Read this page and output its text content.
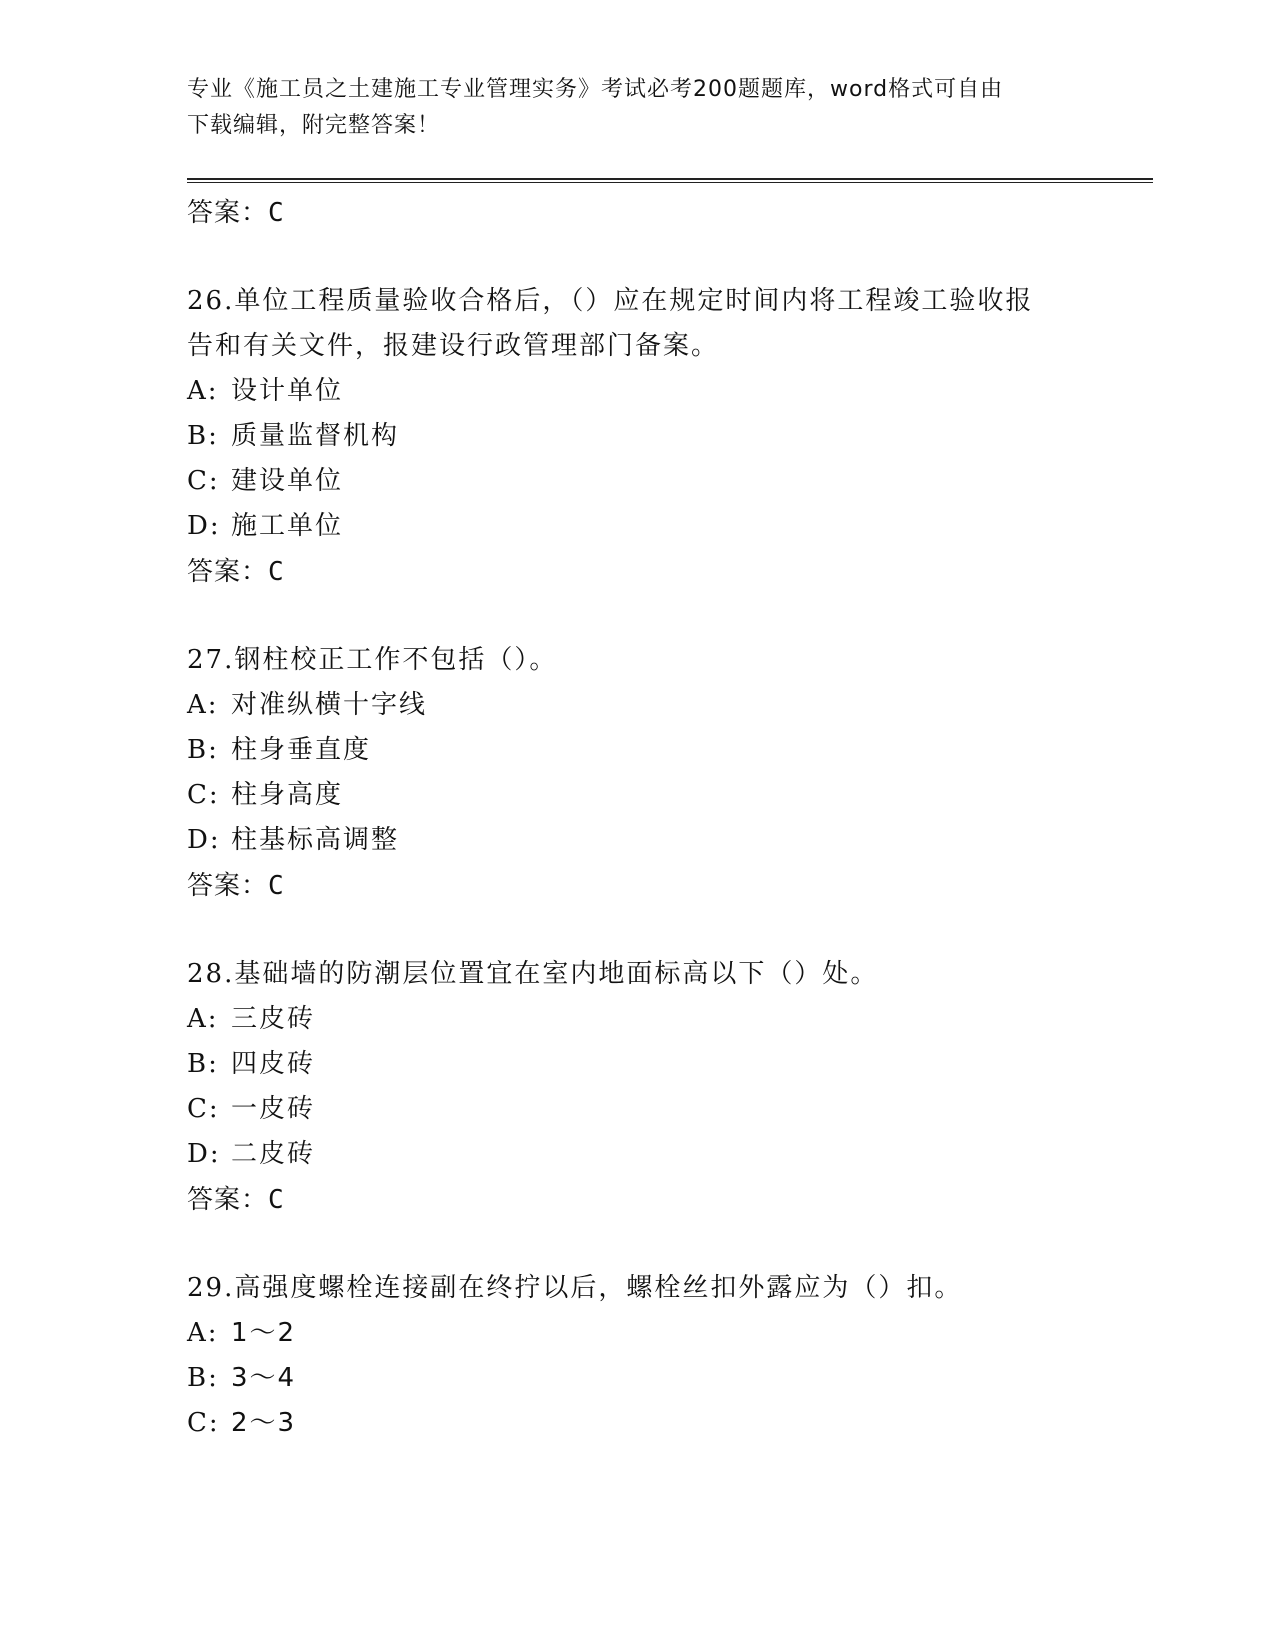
专业《施工员之土建施工专业管理实务》考试必考200题题库，word格式可自由
下载编辑，附完整答案！
答案：C
26.单位工程质量验收合格后，（）应在规定时间内将工程竣工验收报
告和有关文件，报建设行政管理部门备案。
A: 设计单位
B: 质量监督机构
C: 建设单位
D: 施工单位
答案：C
27.钢柱校正工作不包括（）。
A: 对准纵横十字线
B: 柱身垂直度
C: 柱身高度
D: 柱基标高调整
答案：C
28.基础墙的防潮层位置宜在室内地面标高以下（）处。
A: 三皮砖
B: 四皮砖
C: 一皮砖
D: 二皮砖
答案：C
29.高强度螺栓连接副在终拧以后，螺栓丝扣外露应为（）扣。
A: 1～2
B: 3～4
C: 2～3
